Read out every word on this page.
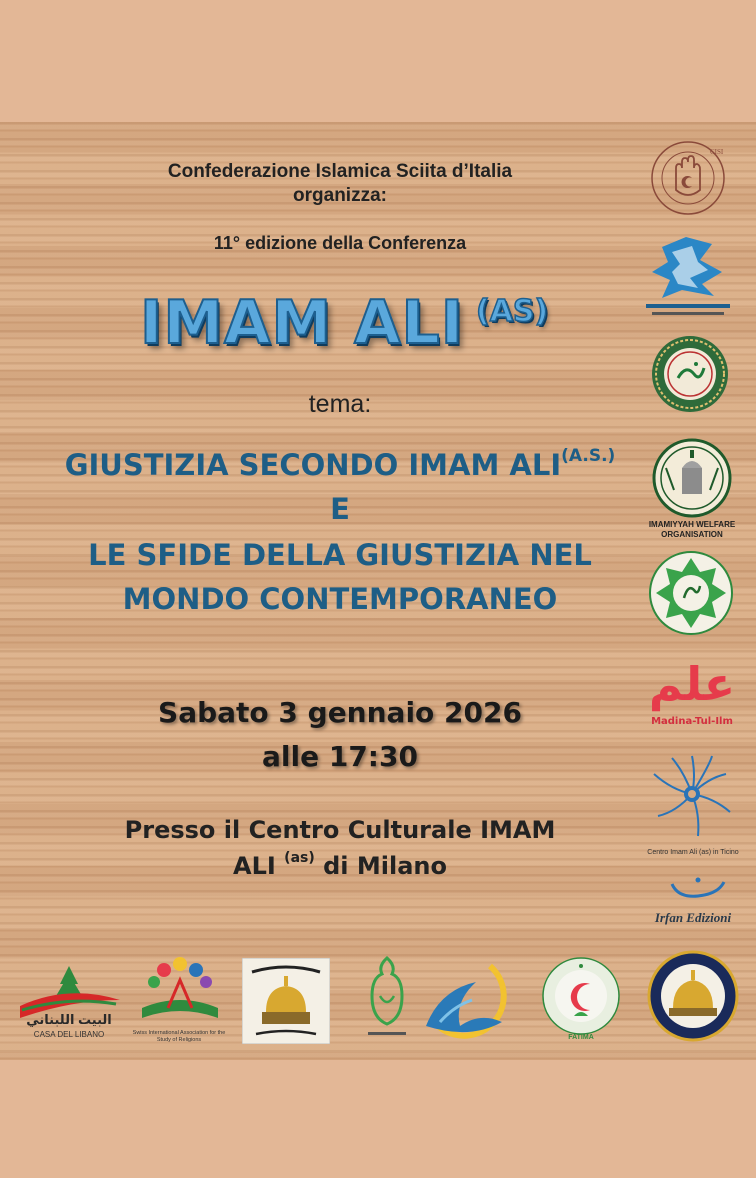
Confederazione Islamica Sciita d’Italia
organizza:
11° edizione della Conferenza
IMAM ALI (AS)
tema:
GIUSTIZIA SECONDO IMAM $ALI^{(A.S.)}$
E
LE SFIDE DELLA GIUSTIZIA NEL
MONDO CONTEMPORANEO
Sabato 3 gennaio 2026
alle 17:30
Presso il Centro Culturale IMAM
ALI $^{(as)}$ di Milano
CISI
IMAMIYYAH WELFARE
ORGANISATION
علم
Madina-Tul-Ilm
Centro Imam Ali (as) in Ticino
Irfan Edizioni
البيت اللبناني
CASA DEL LIBANO	Swiss International Association for the Study of Religions	FATIMA
